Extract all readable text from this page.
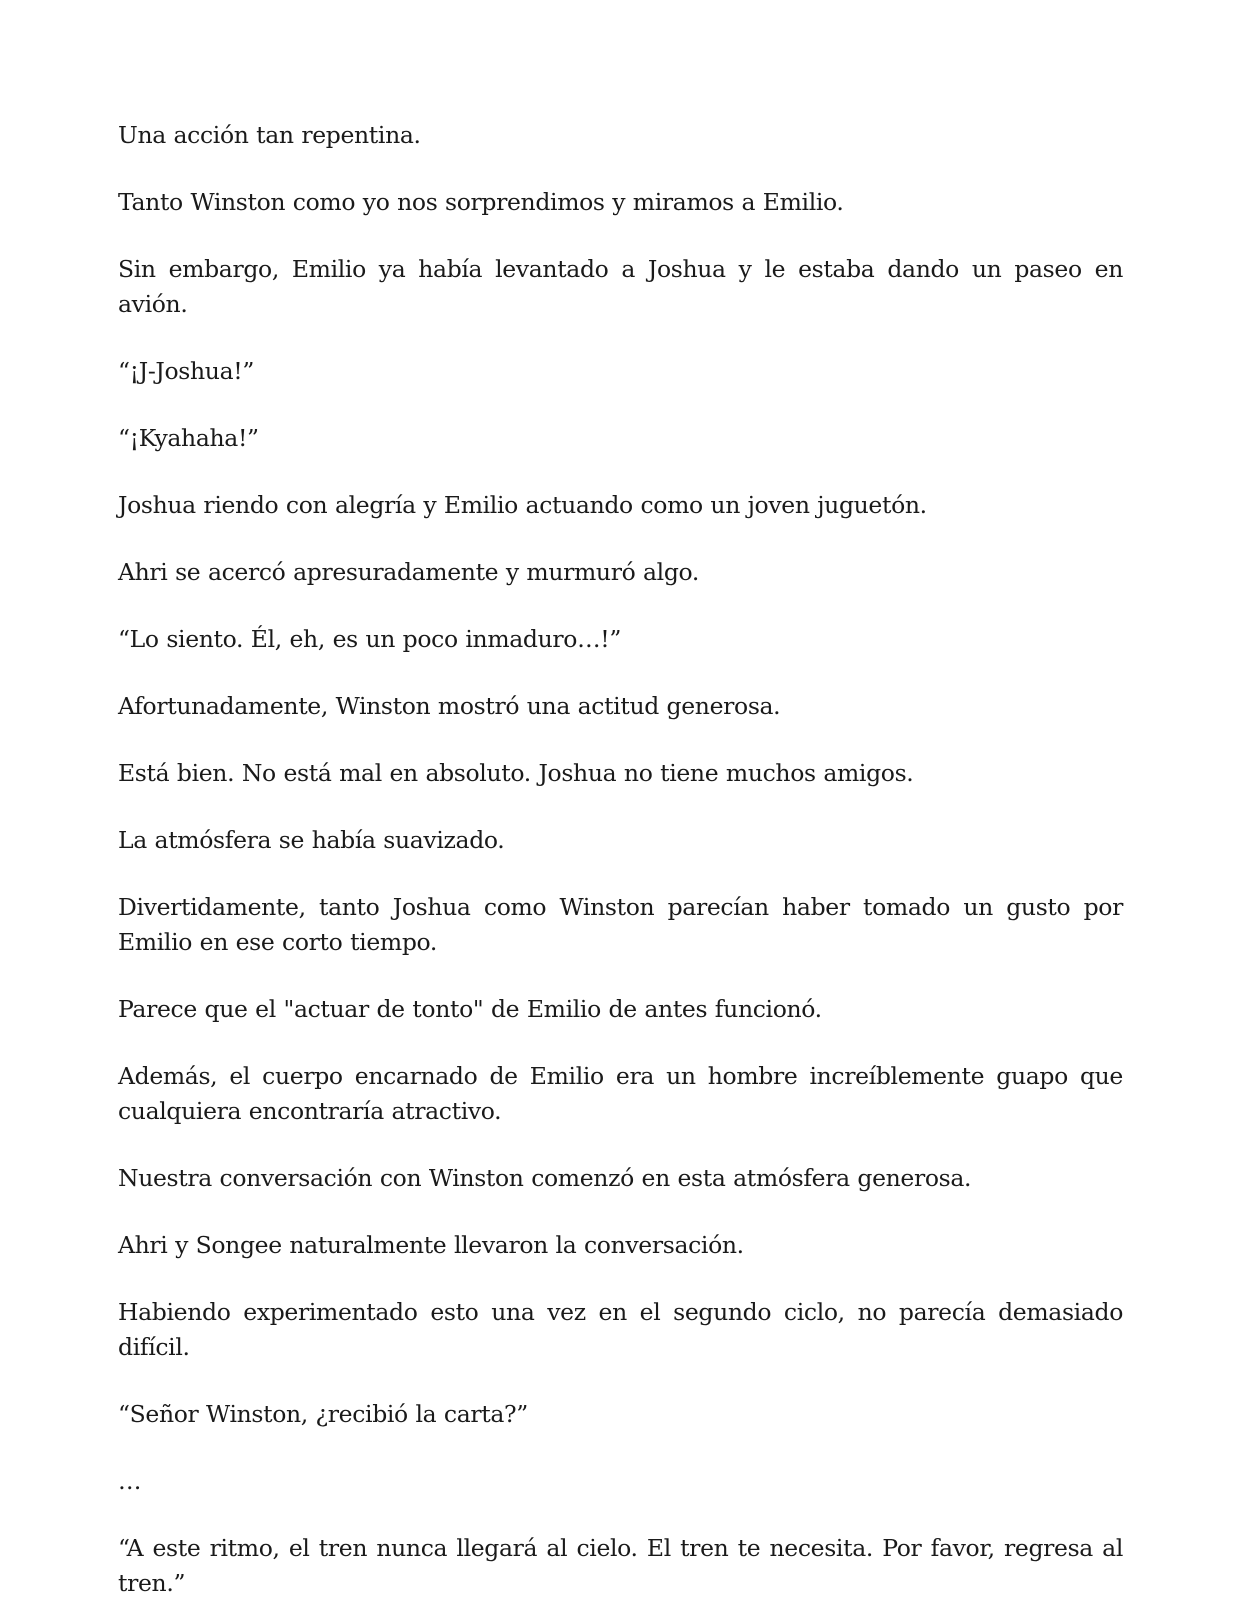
Una acción tan repentina.

Tanto Winston como yo nos sorprendimos y miramos a Emilio.

Sin embargo, Emilio ya había levantado a Joshua y le estaba dando un paseo en avión.

“¡J-Joshua!”

“¡Kyahaha!”

Joshua riendo con alegría y Emilio actuando como un joven juguetón.

Ahri se acercó apresuradamente y murmuró algo.

“Lo siento. Él, eh, es un poco inmaduro…!”

Afortunadamente, Winston mostró una actitud generosa.

Está bien. No está mal en absoluto. Joshua no tiene muchos amigos.

La atmósfera se había suavizado.

Divertidamente, tanto Joshua como Winston parecían haber tomado un gusto por Emilio en ese corto tiempo.

Parece que el "actuar de tonto" de Emilio de antes funcionó.

Además, el cuerpo encarnado de Emilio era un hombre increíblemente guapo que cualquiera encontraría atractivo.

Nuestra conversación con Winston comenzó en esta atmósfera generosa.

Ahri y Songee naturalmente llevaron la conversación.

Habiendo experimentado esto una vez en el segundo ciclo, no parecía demasiado difícil.

“Señor Winston, ¿recibió la carta?”

…

“A este ritmo, el tren nunca llegará al cielo. El tren te necesita. Por favor, regresa al tren.”
